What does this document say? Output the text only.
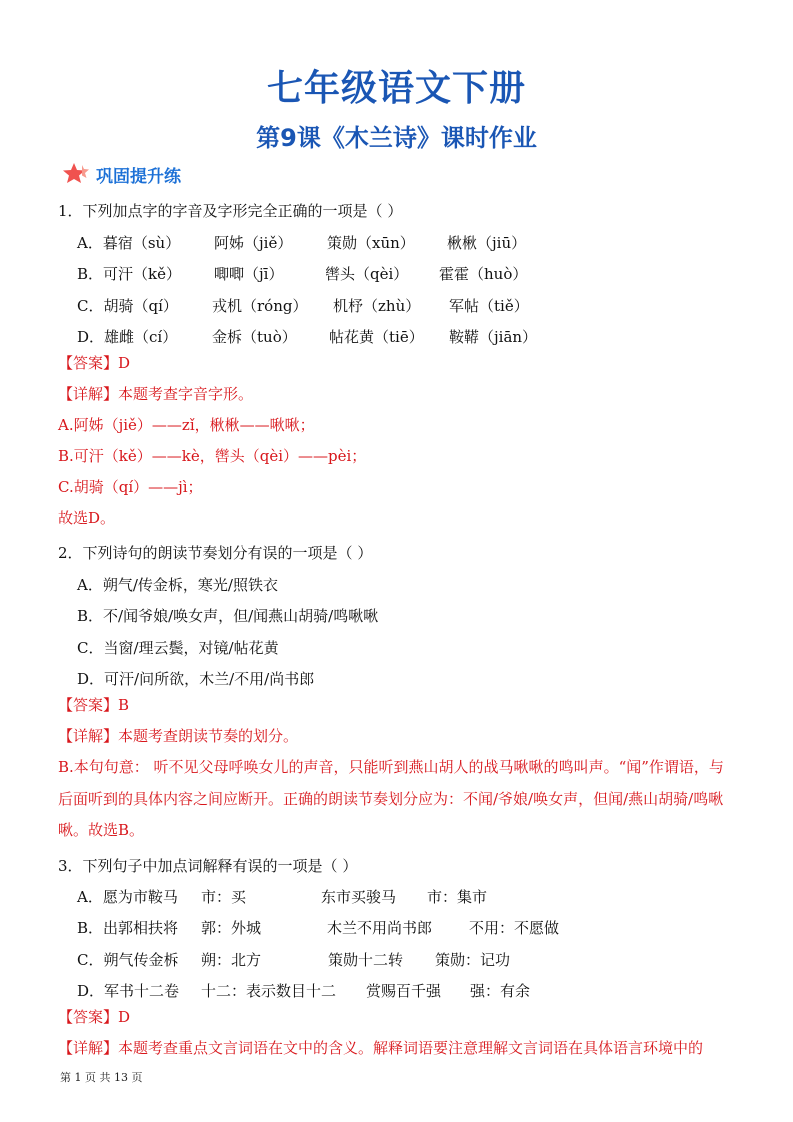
七年级语文下册
第9课《木兰诗》课时作业
巩固提升练
1．下列加点字的字音及字形完全正确的一项是（ ）
A．暮宿（sù） 阿姊（jiě） 策勋（xūn） 楸楸（jiū）
B．可汗（kě） 唧唧（jī）	辔头（qèi） 霍霍（huò）
C．胡骑（qí） 戎机（róng） 机杼（zhù） 军帖（tiě）
D．雄雌（cí） 金柝（tuò） 帖花黄（tiē） 鞍鞯（jiān）
【答案】D
【详解】本题考查字音字形。
A.阿姊（jiě）——zǐ，楸楸——啾啾；
B.可汗（kě）——kè，辔头（qèi）——pèi；
C.胡骑（qí）——jì；
故选D。
2．下列诗句的朗读节奏划分有误的一项是（ ）
A．朔气/传金柝，寒光/照铁衣
B．不/闻爷娘/唤女声，但/闻燕山胡骑/鸣啾啾
C．当窗/理云鬓，对镜/帖花黄
D．可汗/问所欲，木兰/不用/尚书郎
【答案】B
【详解】本题考查朗读节奏的划分。
B.本句句意： 听不见父母呼唤女儿的声音，只能听到燕山胡人的战马啾啾的鸣叫声。“闻”作谓语，与后面听到的具体内容之间应断开。正确的朗读节奏划分应为：不闻/爷娘/唤女声，但闻/燕山胡骑/鸣啾啾。故选B。
3．下列句子中加点词解释有误的一项是（ ）
A．愿为市鞍马 市：买	东市买骏马 市：集市
B．出郭相扶将 郭：外城	木兰不用尚书郎 不用：不愿做
C．朔气传金柝 朔：北方	策勋十二转 策勋：记功
D．军书十二卷 十二：表示数目十二 赏赐百千强 强：有余
【答案】D
【详解】本题考查重点文言词语在文中的含义。解释词语要注意理解文言词语在具体语言环境中的
第 1 页 共 13 页
